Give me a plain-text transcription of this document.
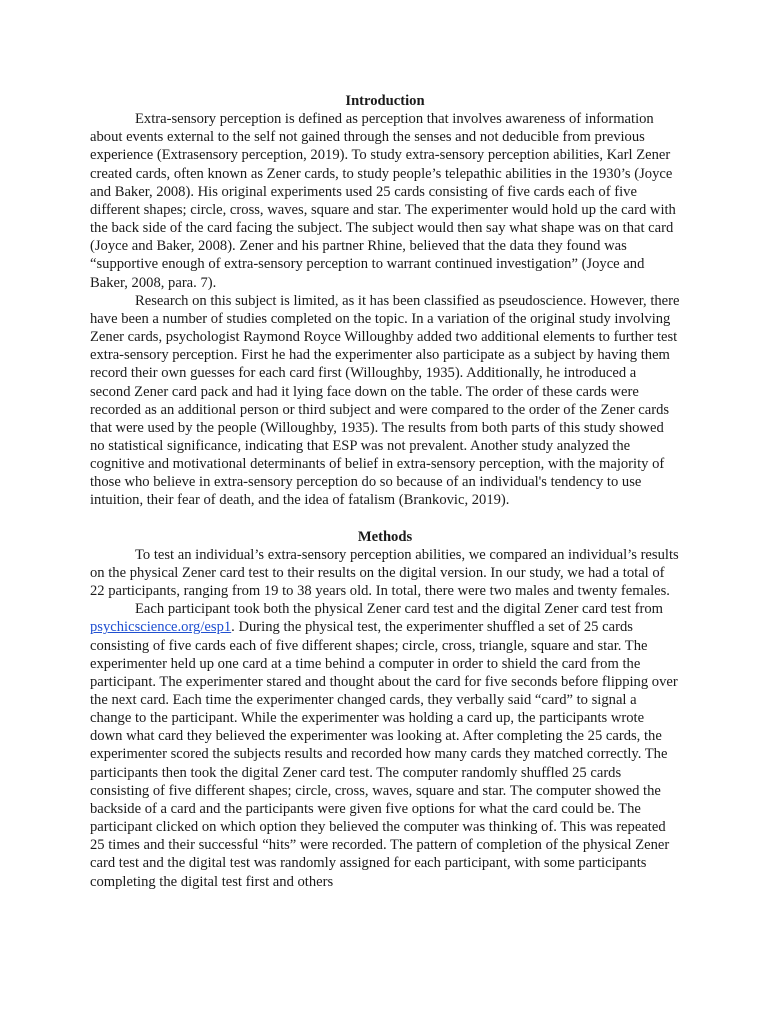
Introduction

Extra-sensory perception is defined as perception that involves awareness of information about events external to the self not gained through the senses and not deducible from previous experience (Extrasensory perception, 2019). To study extra-sensory perception abilities, Karl Zener created cards, often known as Zener cards, to study people’s telepathic abilities in the 1930’s (Joyce and Baker, 2008). His original experiments used 25 cards consisting of five cards each of five different shapes; circle, cross, waves, square and star. The experimenter would hold up the card with the back side of the card facing the subject. The subject would then say what shape was on that card (Joyce and Baker, 2008). Zener and his partner Rhine, believed that the data they found was “supportive enough of extra-sensory perception to warrant continued investigation” (Joyce and Baker, 2008, para. 7).

Research on this subject is limited, as it has been classified as pseudoscience. However, there have been a number of studies completed on the topic. In a variation of the original study involving Zener cards, psychologist Raymond Royce Willoughby added two additional elements to further test extra-sensory perception. First he had the experimenter also participate as a subject by having them record their own guesses for each card first (Willoughby, 1935). Additionally, he introduced a second Zener card pack and had it lying face down on the table. The order of these cards were recorded as an additional person or third subject and were compared to the order of the Zener cards that were used by the people (Willoughby, 1935). The results from both parts of this study showed no statistical significance, indicating that ESP was not prevalent. Another study analyzed the cognitive and motivational determinants of belief in extra-sensory perception, with the majority of those who believe in extra-sensory perception do so because of an individual's tendency to use intuition, their fear of death, and the idea of fatalism (Brankovic, 2019).

Methods

To test an individual’s extra-sensory perception abilities, we compared an individual’s results on the physical Zener card test to their results on the digital version. In our study, we had a total of 22 participants, ranging from 19 to 38 years old. In total, there were two males and twenty females.

Each participant took both the physical Zener card test and the digital Zener card test from psychicscience.org/esp1. During the physical test, the experimenter shuffled a set of 25 cards consisting of five cards each of five different shapes; circle, cross, triangle, square and star. The experimenter held up one card at a time behind a computer in order to shield the card from the participant. The experimenter stared and thought about the card for five seconds before flipping over the next card. Each time the experimenter changed cards, they verbally said “card” to signal a change to the participant. While the experimenter was holding a card up, the participants wrote down what card they believed the experimenter was looking at. After completing the 25 cards, the experimenter scored the subjects results and recorded how many cards they matched correctly. The participants then took the digital Zener card test. The computer randomly shuffled 25 cards consisting of five different shapes; circle, cross, waves, square and star. The computer showed the backside of a card and the participants were given five options for what the card could be. The participant clicked on which option they believed the computer was thinking of. This was repeated 25 times and their successful “hits” were recorded. The pattern of completion of the physical Zener card test and the digital test was randomly assigned for each participant, with some participants completing the digital test first and others
